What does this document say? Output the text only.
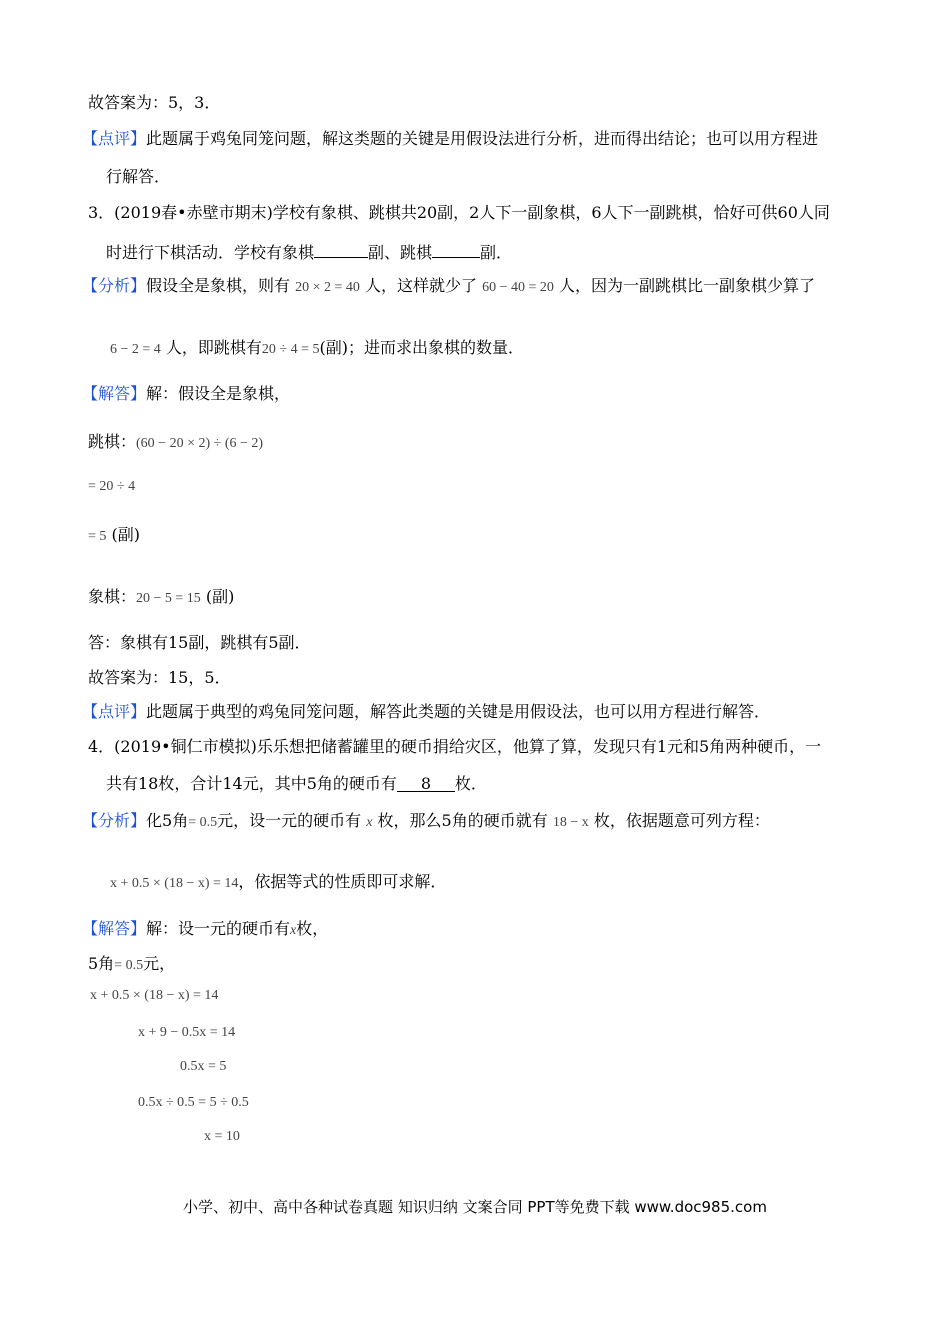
故答案为：5，3．
【点评】此题属于鸡兔同笼问题，解这类题的关键是用假设法进行分析，进而得出结论；也可以用方程进
行解答．
3．(2019春•赤壁市期末)学校有象棋、跳棋共20副，2人下一副象棋，6人下一副跳棋，恰好可供60人同
时进行下棋活动．学校有象棋	副、跳棋	副．
【分析】假设全是象棋，则有 20 × 2 = 40 人，这样就少了 60 − 40 = 20 人，因为一副跳棋比一副象棋少算了
6 − 2 = 4 人，即跳棋有20 ÷ 4 = 5(副)；进而求出象棋的数量．
【解答】解：假设全是象棋，
跳棋：(60 − 20 × 2) ÷ (6 − 2)
= 20 ÷ 4
= 5 (副)
象棋：20 − 5 = 15 (副)
答：象棋有15副，跳棋有5副．
故答案为：15，5．
【点评】此题属于典型的鸡兔同笼问题，解答此类题的关键是用假设法，也可以用方程进行解答．
4．(2019•铜仁市模拟)乐乐想把储蓄罐里的硬币捐给灾区，他算了算，发现只有1元和5角两种硬币，一
共有18枚，合计14元，其中5角的硬币有 8 枚．
【分析】化5角= 0.5元，设一元的硬币有 x 枚，那么5角的硬币就有 18 − x 枚，依据题意可列方程：
x + 0.5 × (18 − x) = 14，依据等式的性质即可求解．
【解答】解：设一元的硬币有x枚，
5角= 0.5元，
x + 0.5 × (18 − x) = 14
x + 9 − 0.5x = 14
0.5x = 5
0.5x ÷ 0.5 = 5 ÷ 0.5
x = 10
小学、初中、高中各种试卷真题 知识归纳 文案合同 PPT等免费下载 www.doc985.com
